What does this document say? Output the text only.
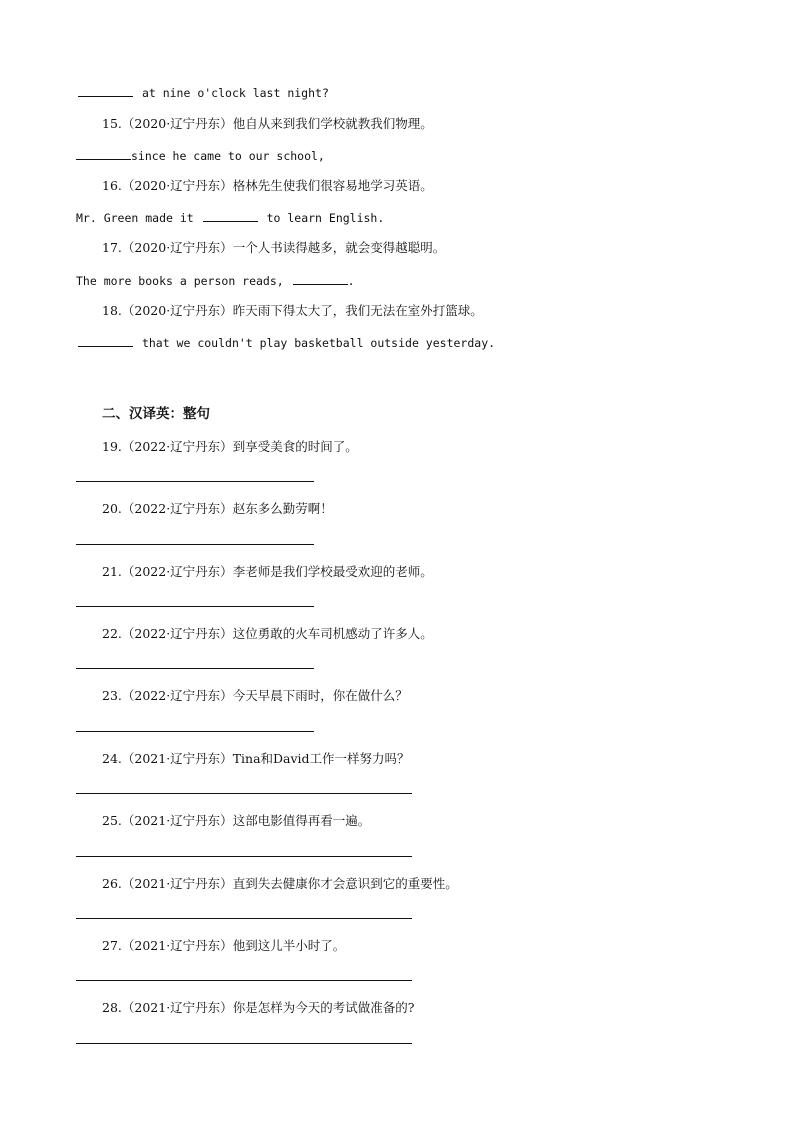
at nine o'clock last night?
15.（2020·辽宁丹东）他自从来到我们学校就教我们物理。
since he came to our school,
16.（2020·辽宁丹东）格林先生使我们很容易地学习英语。
Mr. Green made it	to learn English.
17.（2020·辽宁丹东）一个人书读得越多，就会变得越聪明。
The more books a person reads,	.
18.（2020·辽宁丹东）昨天雨下得太大了，我们无法在室外打篮球。
that we couldn't play basketball outside yesterday.
二、汉译英：整句
19.（2022·辽宁丹东）到享受美食的时间了。
20.（2022·辽宁丹东）赵东多么勤劳啊！
21.（2022·辽宁丹东）李老师是我们学校最受欢迎的老师。
22.（2022·辽宁丹东）这位勇敢的火车司机感动了许多人。
23.（2022·辽宁丹东）今天早晨下雨时，你在做什么？
24.（2021·辽宁丹东）Tina和David工作一样努力吗？
25.（2021·辽宁丹东）这部电影值得再看一遍。
26.（2021·辽宁丹东）直到失去健康你才会意识到它的重要性。
27.（2021·辽宁丹东）他到这儿半小时了。
28.（2021·辽宁丹东）你是怎样为今天的考试做准备的?
